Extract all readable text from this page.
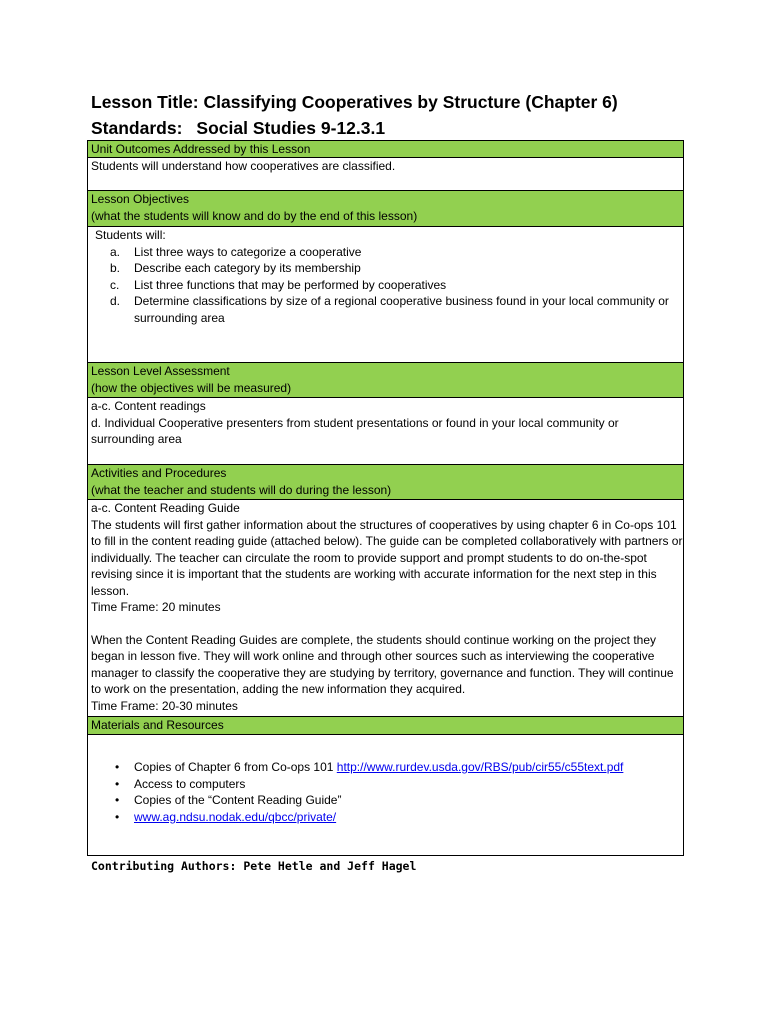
Lesson Title: Classifying Cooperatives by Structure (Chapter 6)
Standards: Social Studies 9-12.3.1
Unit Outcomes Addressed by this Lesson
Students will understand how cooperatives are classified.
Lesson Objectives
(what the students will know and do by the end of this lesson)
Students will:
a. List three ways to categorize a cooperative
b. Describe each category by its membership
c. List three functions that may be performed by cooperatives
d. Determine classifications by size of a regional cooperative business found in your local community or surrounding area
Lesson Level Assessment
(how the objectives will be measured)
a-c. Content readings
d. Individual Cooperative presenters from student presentations or found in your local community or surrounding area
Activities and Procedures
(what the teacher and students will do during the lesson)
a-c. Content Reading Guide
The students will first gather information about the structures of cooperatives by using chapter 6 in Co-ops 101 to fill in the content reading guide (attached below). The guide can be completed collaboratively with partners or individually. The teacher can circulate the room to provide support and prompt students to do on-the-spot revising since it is important that the students are working with accurate information for the next step in this lesson.
Time Frame: 20 minutes
When the Content Reading Guides are complete, the students should continue working on the project they began in lesson five. They will work online and through other sources such as interviewing the cooperative manager to classify the cooperative they are studying by territory, governance and function. They will continue to work on the presentation, adding the new information they acquired.
Time Frame: 20-30 minutes
Materials and Resources
• Copies of Chapter 6 from Co-ops 101 http://www.rurdev.usda.gov/RBS/pub/cir55/c55text.pdf
• Access to computers
• Copies of the “Content Reading Guide”
• www.ag.ndsu.nodak.edu/qbcc/private/
Contributing Authors: Pete Hetle and Jeff Hagel
